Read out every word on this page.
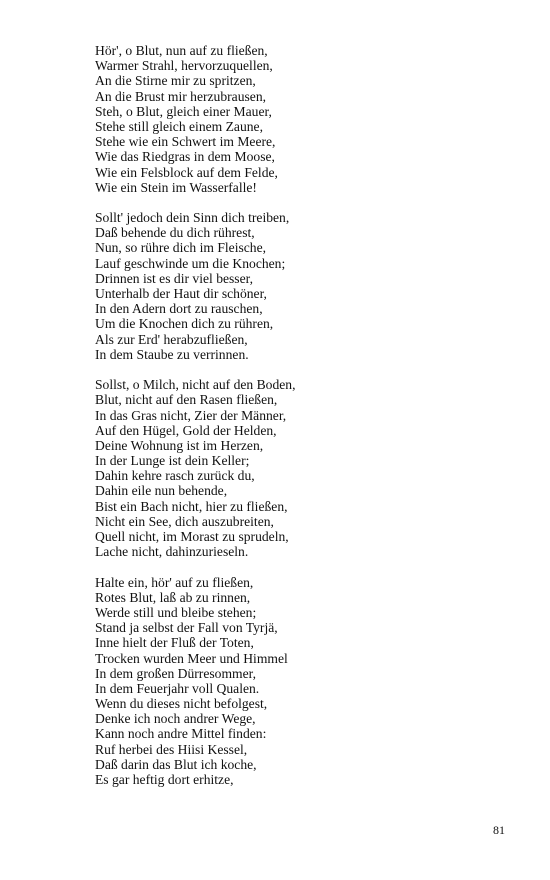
Hör', o Blut, nun auf zu fließen,
Warmer Strahl, hervorzuquellen,
An die Stirne mir zu spritzen,
An die Brust mir herzubrausen,
Steh, o Blut, gleich einer Mauer,
Stehe still gleich einem Zaune,
Stehe wie ein Schwert im Meere,
Wie das Riedgras in dem Moose,
Wie ein Felsblock auf dem Felde,
Wie ein Stein im Wasserfalle!
Sollt' jedoch dein Sinn dich treiben,
Daß behende du dich rührest,
Nun, so rühre dich im Fleische,
Lauf geschwinde um die Knochen;
Drinnen ist es dir viel besser,
Unterhalb der Haut dir schöner,
In den Adern dort zu rauschen,
Um die Knochen dich zu rühren,
Als zur Erd' herabzufließen,
In dem Staube zu verrinnen.
Sollst, o Milch, nicht auf den Boden,
Blut, nicht auf den Rasen fließen,
In das Gras nicht, Zier der Männer,
Auf den Hügel, Gold der Helden,
Deine Wohnung ist im Herzen,
In der Lunge ist dein Keller;
Dahin kehre rasch zurück du,
Dahin eile nun behende,
Bist ein Bach nicht, hier zu fließen,
Nicht ein See, dich auszubreiten,
Quell nicht, im Morast zu sprudeln,
Lache nicht, dahinzurieseln.
Halte ein, hör' auf zu fließen,
Rotes Blut, laß ab zu rinnen,
Werde still und bleibe stehen;
Stand ja selbst der Fall von Tyrjä,
Inne hielt der Fluß der Toten,
Trocken wurden Meer und Himmel
In dem großen Dürresommer,
In dem Feuerjahr voll Qualen.
Wenn du dieses nicht befolgest,
Denke ich noch andrer Wege,
Kann noch andre Mittel finden:
Ruf herbei des Hiisi Kessel,
Daß darin das Blut ich koche,
Es gar heftig dort erhitze,
81
